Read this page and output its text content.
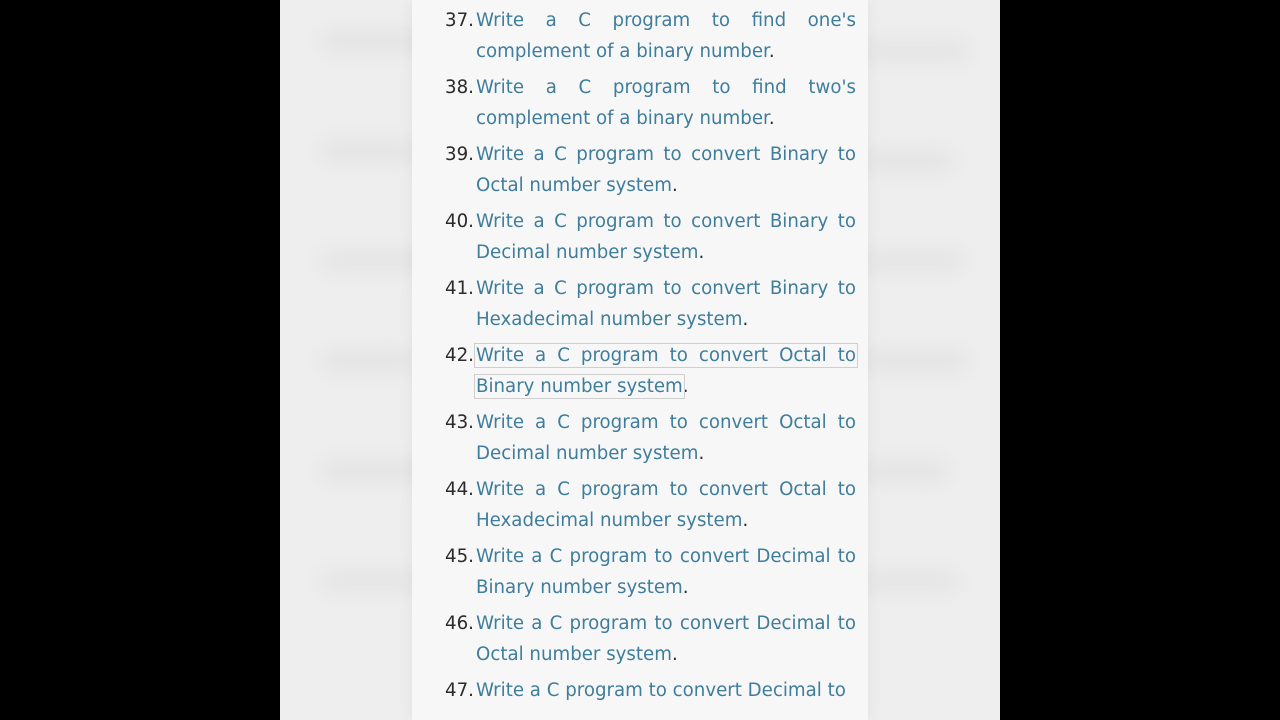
37. Write a C program to find one's complement of a binary number.
38. Write a C program to find two's complement of a binary number.
39. Write a C program to convert Binary to Octal number system.
40. Write a C program to convert Binary to Decimal number system.
41. Write a C program to convert Binary to Hexadecimal number system.
42. Write a C program to convert Octal to Binary number system.
43. Write a C program to convert Octal to Decimal number system.
44. Write a C program to convert Octal to Hexadecimal number system.
45. Write a C program to convert Decimal to Binary number system.
46. Write a C program to convert Decimal to Octal number system.
47. Write a C program to convert Decimal to
